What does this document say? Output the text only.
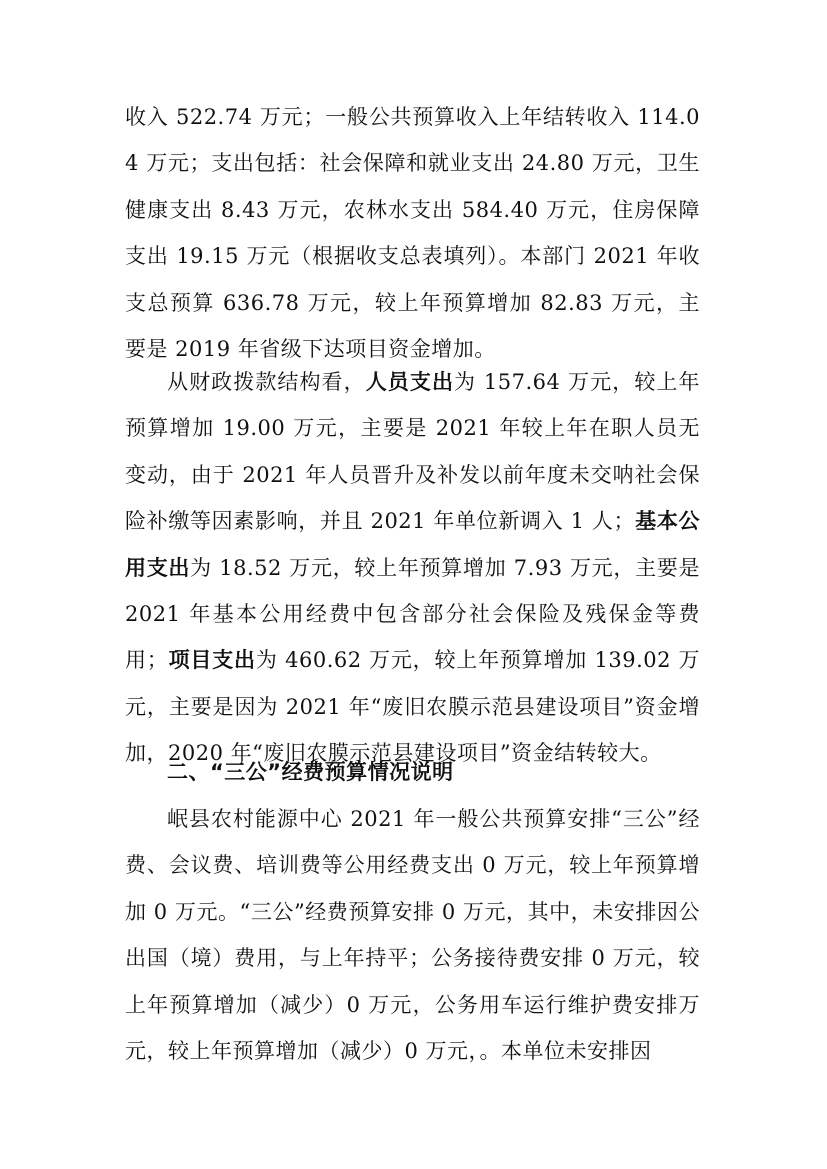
收入 522.74 万元；一般公共预算收入上年结转收入 114.04 万元；支出包括：社会保障和就业支出 24.80 万元，卫生健康支出 8.43 万元，农林水支出 584.40 万元，住房保障支出 19.15 万元（根据收支总表填列）。本部门 2021 年收支总预算 636.78 万元，较上年预算增加 82.83 万元，主要是 2019 年省级下达项目资金增加。

从财政拨款结构看，人员支出为 157.64 万元，较上年预算增加 19.00 万元，主要是 2021 年较上年在职人员无变动，由于 2021 年人员晋升及补发以前年度未交呐社会保险补缴等因素影响，并且 2021 年单位新调入 1 人；基本公用支出为 18.52 万元，较上年预算增加 7.93 万元，主要是 2021 年基本公用经费中包含部分社会保险及残保金等费用；项目支出为 460.62 万元，较上年预算增加 139.02 万元，主要是因为 2021 年“废旧农膜示范县建设项目”资金增加，2020 年“废旧农膜示范县建设项目”资金结转较大。

二、“三公”经费预算情况说明

岷县农村能源中心 2021 年一般公共预算安排“三公”经费、会议费、培训费等公用经费支出 0 万元，较上年预算增加 0 万元。“三公”经费预算安排 0 万元，其中，未安排因公出国（境）费用，与上年持平；公务接待费安排 0 万元，较上年预算增加（减少）0 万元，公务用车运行维护费安排万元，较上年预算增加（减少）0 万元，。本单位未安排因
